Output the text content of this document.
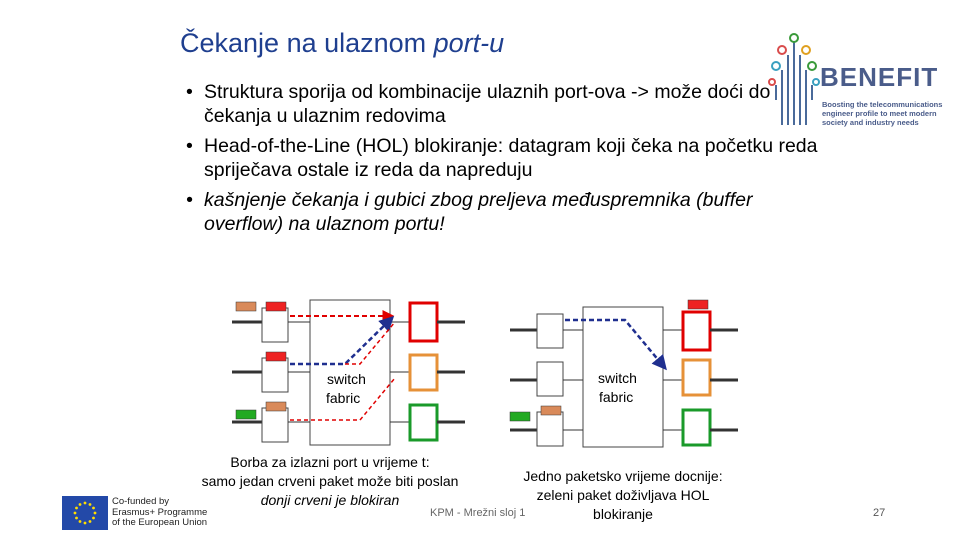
Čekanje na ulaznom port-u
• Struktura sporija od kombinacije ulaznih port-ova -> može doći do čekanja u ulaznim redovima
• Head-of-the-Line (HOL) blokiranje: datagram koji čeka na početku reda spriječava ostale iz reda da napreduju
• kašnjenje čekanja i gubici zbog preljeva međuspremnika (buffer overflow) na ulaznom portu!
BENEFIT
Boosting the telecommunications engineer profile to meet modern society and industry needs
switch
fabric
switch
fabric
Borba za izlazni port u vrijeme t:
samo jedan crveni paket može biti poslan
donji crveni je blokiran
Jedno paketsko vrijeme docnije:
zeleni paket doživljava HOL
blokiranje
Co-funded by
Erasmus+ Programme
of the European Union
KPM - Mrežni sloj 1	27
